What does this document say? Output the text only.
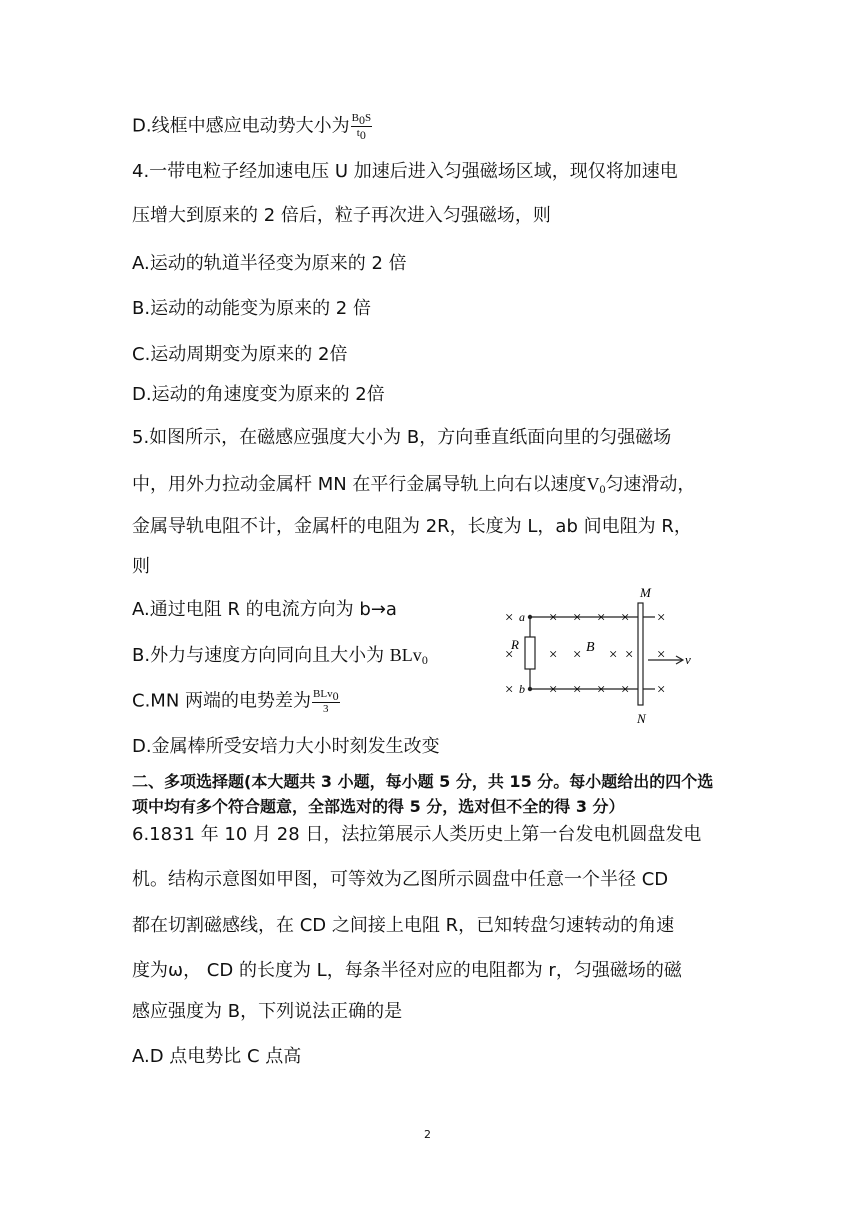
D.线框中感应电动势大小为 $\frac{B0S}{t0}$
4.一带电粒子经加速电压 U 加速后进入匀强磁场区域，现仅将加速电
压增大到原来的 2 倍后，粒子再次进入匀强磁场，则
A.运动的轨道半径变为原来的 2 倍
B.运动的动能变为原来的 2 倍
C.运动周期变为原来的 2倍
D.运动的角速度变为原来的 2倍
5.如图所示，在磁感应强度大小为 B，方向垂直纸面向里的匀强磁场
中，用外力拉动金属杆 MN 在平行金属导轨上向右以速度$V_0$匀速滑动，
金属导轨电阻不计，金属杆的电阻为 2R，长度为 L，ab 间电阻为 R，
则
A.通过电阻 R 的电流方向为 b→a
B.外力与速度方向同向且大小为 BLv$_0$
C.MN 两端的电势差为 $\frac{\text{BLv0}}{3}$
D.金属棒所受安培力大小时刻发生改变
M
N
a
b
R	B
v
×
×
×
× × × × ×
× × × × ×
× × × × ×
二、多项选择题(本大题共 3 小题，每小题 5 分，共 15 分。每小题给出的四个选
项中均有多个符合题意，全部选对的得 5 分，选对但不全的得 3 分）
6.1831 年 10 月 28 日，法拉第展示人类历史上第一台发电机圆盘发电
机。结构示意图如甲图，可等效为乙图所示圆盘中任意一个半径 CD
都在切割磁感线，在 CD 之间接上电阻 R，已知转盘匀速转动的角速
度为ω， CD 的长度为 L，每条半径对应的电阻都为 r，匀强磁场的磁
感应强度为 B，下列说法正确的是
A.D 点电势比 C 点高
2
